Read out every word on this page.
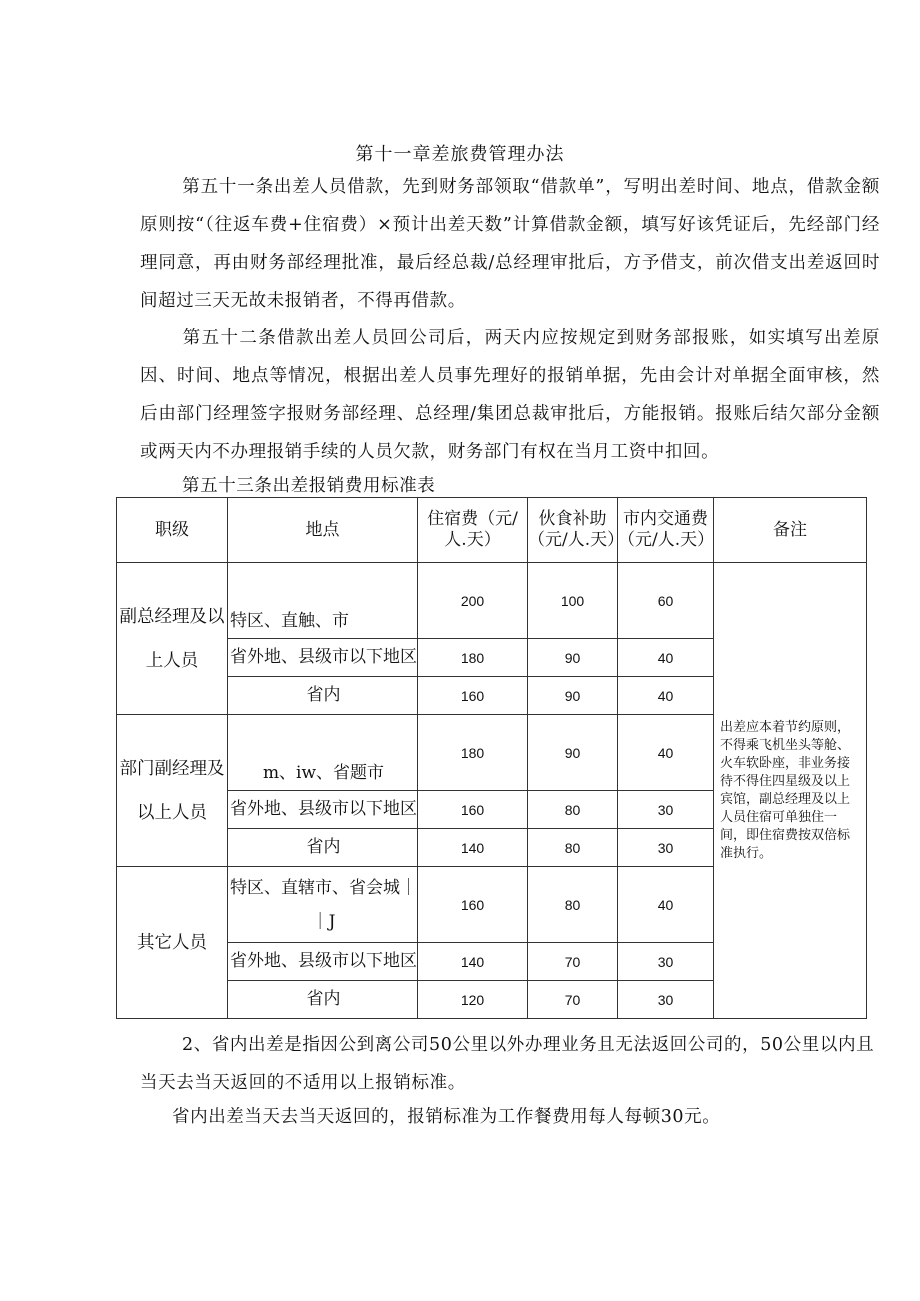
第十一章差旅费管理办法
第五十一条出差人员借款，先到财务部领取“借款单”，写明出差时间、地点，借款金额原则按“（往返车费+住宿费）×预计出差天数”计算借款金额，填写好该凭证后，先经部门经理同意，再由财务部经理批准，最后经总裁/总经理审批后，方予借支，前次借支出差返回时间超过三天无故未报销者，不得再借款。
第五十二条借款出差人员回公司后，两天内应按规定到财务部报账，如实填写出差原因、时间、地点等情况，根据出差人员事先理好的报销单据，先由会计对单据全面审核，然后由部门经理签字报财务部经理、总经理/集团总裁审批后，方能报销。报账后结欠部分金额或两天内不办理报销手续的人员欠款，财务部门有权在当月工资中扣回。
第五十三条出差报销费用标准表
职级	地点	住宿费（元/人.天）	伙食补助（元/人.天）	市内交通费（元/人.天）	备注
副总经理及以上人员	特区、直触、市	200	100	60	出差应本着节约原则，不得乘飞机坐头等舱、火车软卧座，非业务接待不得住四星级及以上宾馆，副总经理及以上人员住宿可单独住一间，即住宿费按双倍标准执行。
	省外地、县级市以下地区	180	90	40	
	省内	160	90	40	
部门副经理及以上人员	m、iw、省题市	180	90	40	
	省外地、县级市以下地区	160	80	30	
	省内	140	80	30	
其它人员	特区、直辖市、省会城｜｜J	160	80	40	
	省外地、县级市以下地区	140	70	30	
	省内	120	70	30	
2、省内出差是指因公到离公司50公里以外办理业务且无法返回公司的，50公里以内且当天去当天返回的不适用以上报销标准。
省内出差当天去当天返回的，报销标准为工作餐费用每人每顿30元。
